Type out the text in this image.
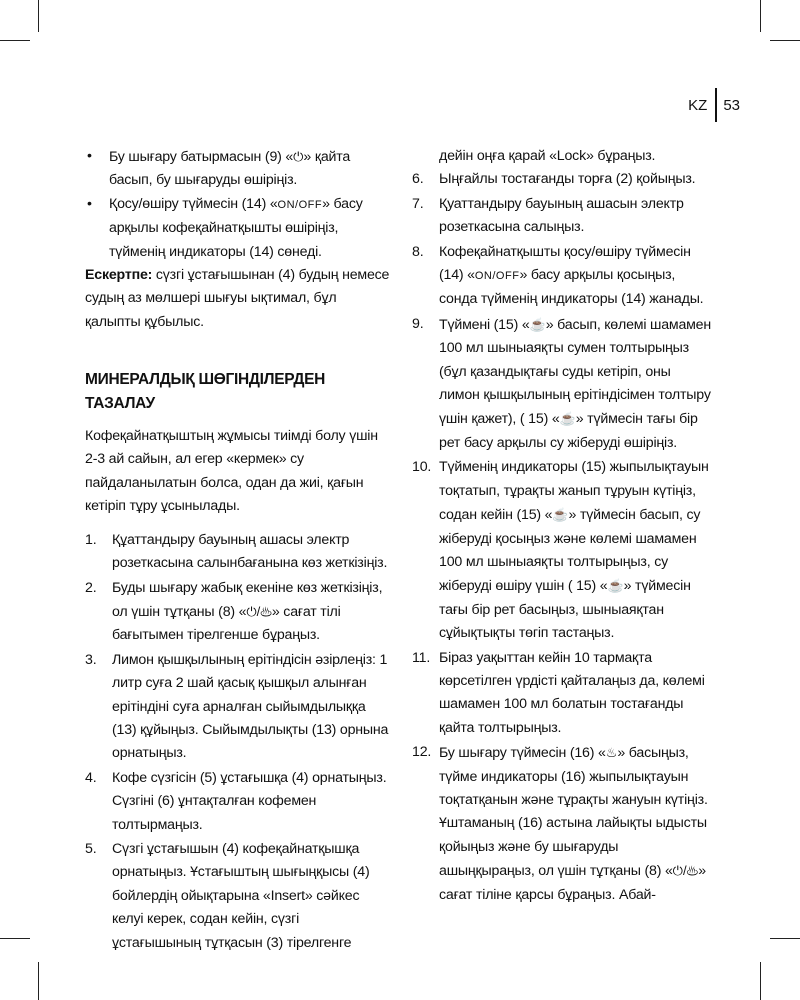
KZ	53
•	Бу шығару батырмасын (9) «⏻» қайта басып, бу шығаруды өшіріңіз.
•	Қосу/өшіру түймесін (14) «ON/OFF» басу арқылы кофеқайнатқышты өшіріңіз, түйменің индикаторы (14) сөнеді.
Ескертпе: сүзгі ұстағышынан (4) будың немесе судың аз мөлшері шығуы ықтимал, бұл қалыпты құбылыс.
МИНЕРАЛДЫҚ ШӨГІНДІЛЕРДЕН ТАЗАЛАУ
Кофеқайнатқыштың жұмысы тиімді болу үшін 2-3 ай сайын, ал егер «кермек» су пайдаланылатын болса, одан да жиі, қағын кетіріп тұру ұсынылады.
1.	Құаттандыру бауының ашасы электр розеткасына салынбағанына көз жеткізіңіз.
2.	Буды шығару жабық екеніне көз жеткізіңіз, ол үшін тұтқаны (8) «⏻/♨» сағат тілі бағытымен тірелгенше бұраңыз.
3.	Лимон қышқылының ерітіндісін әзірлеңіз: 1 литр суға 2 шай қасық қышқыл алынған ерітіндіні суға арналған сыйымдылыққа (13) құйыңыз. Сыйымдылықты (13) орнына орнатыңыз.
4.	Кофе сүзгісін (5) ұстағышқа (4) орнатыңыз. Сүзгіні (6) ұнтақталған кофемен толтырмаңыз.
5.	Сүзгі ұстағышын (4) кофеқайнатқышқа орнатыңыз. Ұстағыштың шығыңқысы (4) бойлердің ойықтарына «Insert» сәйкес келуі керек, содан кейін, сүзгі ұстағышының тұтқасын (3) тірелгенге
дейін оңға қарай «Lock» бұраңыз.
6.	Ыңғайлы тостағанды торға (2) қойыңыз.
7.	Қуаттандыру бауының ашасын электр розеткасына салыңыз.
8.	Кофеқайнатқышты қосу/өшіру түймесін (14) «ON/OFF» басу арқылы қосыңыз, сонда түйменің индикаторы (14) жанады.
9.	Түймені (15) «☕» басып, көлемі шамамен 100 мл шыныаяқты сумен толтырыңыз (бұл қазандықтағы суды кетіріп, оны лимон қышқылының ерітіндісімен толтыру үшін қажет), ( 15) «☕» түймесін тағы бір рет басу арқылы су жіберуді өшіріңіз.
10. Түйменің индикаторы (15) жыпылықтауын тоқтатып, тұрақты жанып тұруын күтіңіз, содан кейін (15) «☕» түймесін басып, су жіберуді қосыңыз және көлемі шамамен 100 мл шыныаяқты толтырыңыз, су жіберуді өшіру үшін ( 15) «☕» түймесін тағы бір рет басыңыз, шыныаяқтан сұйықтықты төгіп тастаңыз.
11. Біраз уақыттан кейін 10 тармақта көрсетілген үрдісті қайталаңыз да, көлемі шамамен 100 мл болатын тостағанды қайта толтырыңыз.
12. Бу шығару түймесін (16) «♨» басыңыз, түйме индикаторы (16) жыпылықтауын тоқтатқанын және тұрақты жануын күтіңіз. Ұштаманың (16) астына лайықты ыдысты қойыңыз және бу шығаруды ашыңқыраңыз, ол үшін тұтқаны (8) «⏻/♨» сағат тіліне қарсы бұраңыз. Абай-
